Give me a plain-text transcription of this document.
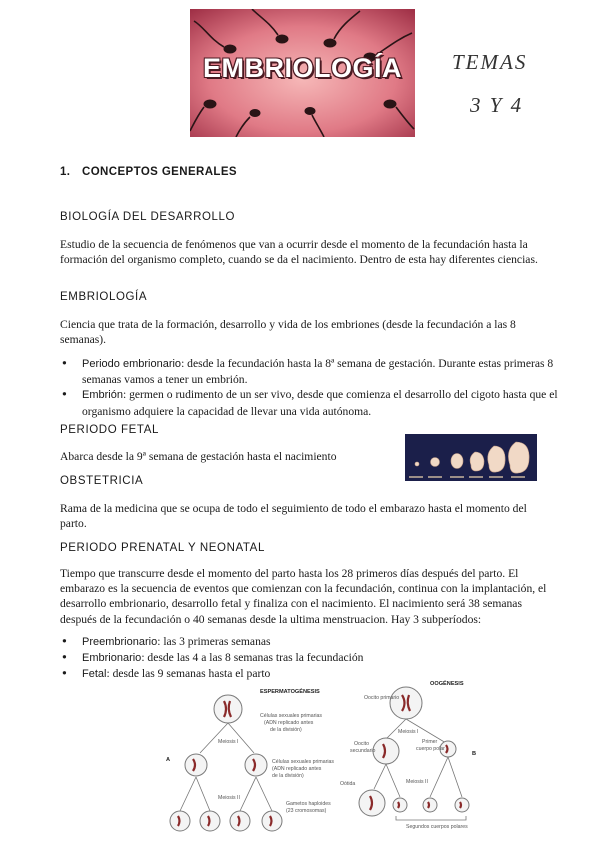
EMBRIOLOGÍA	TEMAS
3 Y 4
1. CONCEPTOS GENERALES
BIOLOGÍA DEL DESARROLLO
Estudio de la secuencia de fenómenos que van a ocurrir desde el momento de la fecundación hasta la formación del organismo completo, cuando se da el nacimiento. Dentro de esta hay diferentes ciencias.
EMBRIOLOGÍA
Ciencia que trata de la formación, desarrollo y vida de los embriones (desde la fecundación a las 8 semanas).
• Periodo embrionario: desde la fecundación hasta la 8ª semana de gestación. Durante estas primeras 8 semanas vamos a tener un embrión.
• Embrión: germen o rudimento de un ser vivo, desde que comienza el desarrollo del cigoto hasta que el organismo adquiere la capacidad de llevar una vida autónoma.
PERIODO FETAL
Abarca desde la 9ª semana de gestación hasta el nacimiento
OBSTETRICIA
Rama de la medicina que se ocupa de todo el seguimiento de todo el embarazo hasta el momento del parto.
PERIODO PRENATAL Y NEONATAL
Tiempo que transcurre desde el momento del parto hasta los 28 primeros días después del parto. El embarazo es la secuencia de eventos que comienzan con la fecundación, continua con la implantación, el desarrollo embrionario, desarrollo fetal y finaliza con el nacimiento. El nacimiento será 38 semanas después de la fecundación o 40 semanas desde la ultima menstruacion. Hay 3 subperíodos:
• Preembrionario: las 3 primeras semanas
• Embrionario: desde las 4 a las 8 semanas tras la fecundación
• Fetal: desde las 9 semanas hasta el parto
ESPERMATOGÉNESIS
Células sexuales primarias
(ADN replicado antes
de la división)
Meiosis I
A	Células sexuales primarias
(ADN replicado antes
de la división)
Meiosis II
Gametos haploides
(23 cromosomas)
OOGÉNESIS
Oocito primario
Meiosis I
Oocito
secundario
Primer
cuerpo polar
B
Meiosis II
Oótida
Segundos cuerpos polares
